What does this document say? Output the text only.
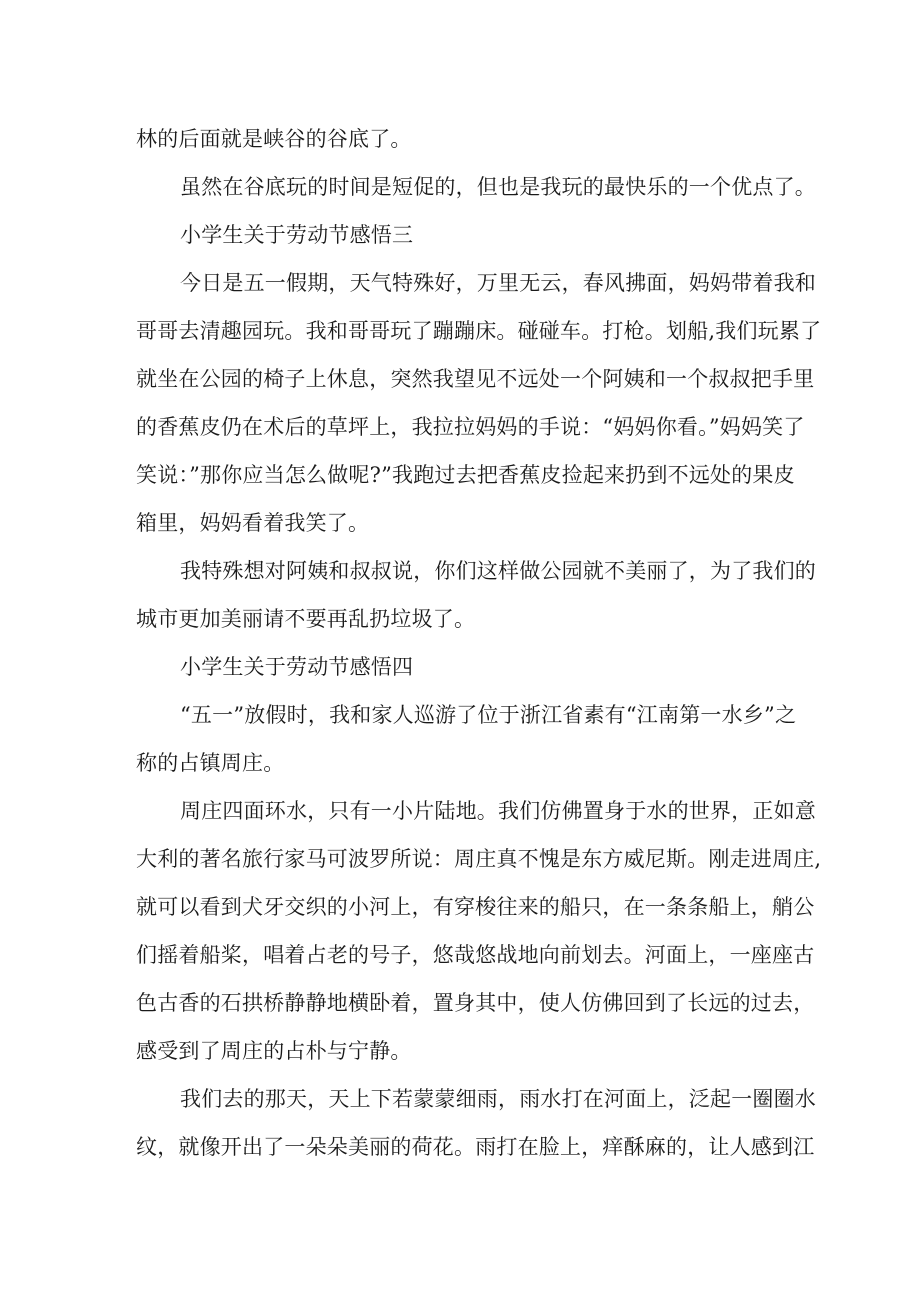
林的后面就是峡谷的谷底了。
虽然在谷底玩的时间是短促的，但也是我玩的最快乐的一个优点了。
小学生关于劳动节感悟三
今日是五一假期，天气特殊好，万里无云，春风拂面，妈妈带着我和
哥哥去清趣园玩。我和哥哥玩了蹦蹦床。碰碰车。打枪。划船,我们玩累了
就坐在公园的椅子上休息，突然我望见不远处一个阿姨和一个叔叔把手里
的香蕉皮仍在术后的草坪上，我拉拉妈妈的手说：“妈妈你看。”妈妈笑了
笑说：”那你应当怎么做呢?”我跑过去把香蕉皮捡起来扔到不远处的果皮
箱里，妈妈看着我笑了。
我特殊想对阿姨和叔叔说，你们这样做公园就不美丽了，为了我们的
城市更加美丽请不要再乱扔垃圾了。
小学生关于劳动节感悟四
“五一”放假时，我和家人巡游了位于浙江省素有“江南第一水乡”之
称的占镇周庄。
周庄四面环水，只有一小片陆地。我们仿佛置身于水的世界，正如意
大利的著名旅行家马可波罗所说：周庄真不愧是东方威尼斯。刚走进周庄,
就可以看到犬牙交织的小河上，有穿梭往来的船只，在一条条船上，艄公
们摇着船桨，唱着占老的号子，悠哉悠战地向前划去。河面上，一座座古
色古香的石拱桥静静地横卧着，置身其中，使人仿佛回到了长远的过去，
感受到了周庄的占朴与宁静。
我们去的那天，天上下若蒙蒙细雨，雨水打在河面上，泛起一圈圈水
纹，就像开出了一朵朵美丽的荷花。雨打在脸上，痒酥麻的，让人感到江
